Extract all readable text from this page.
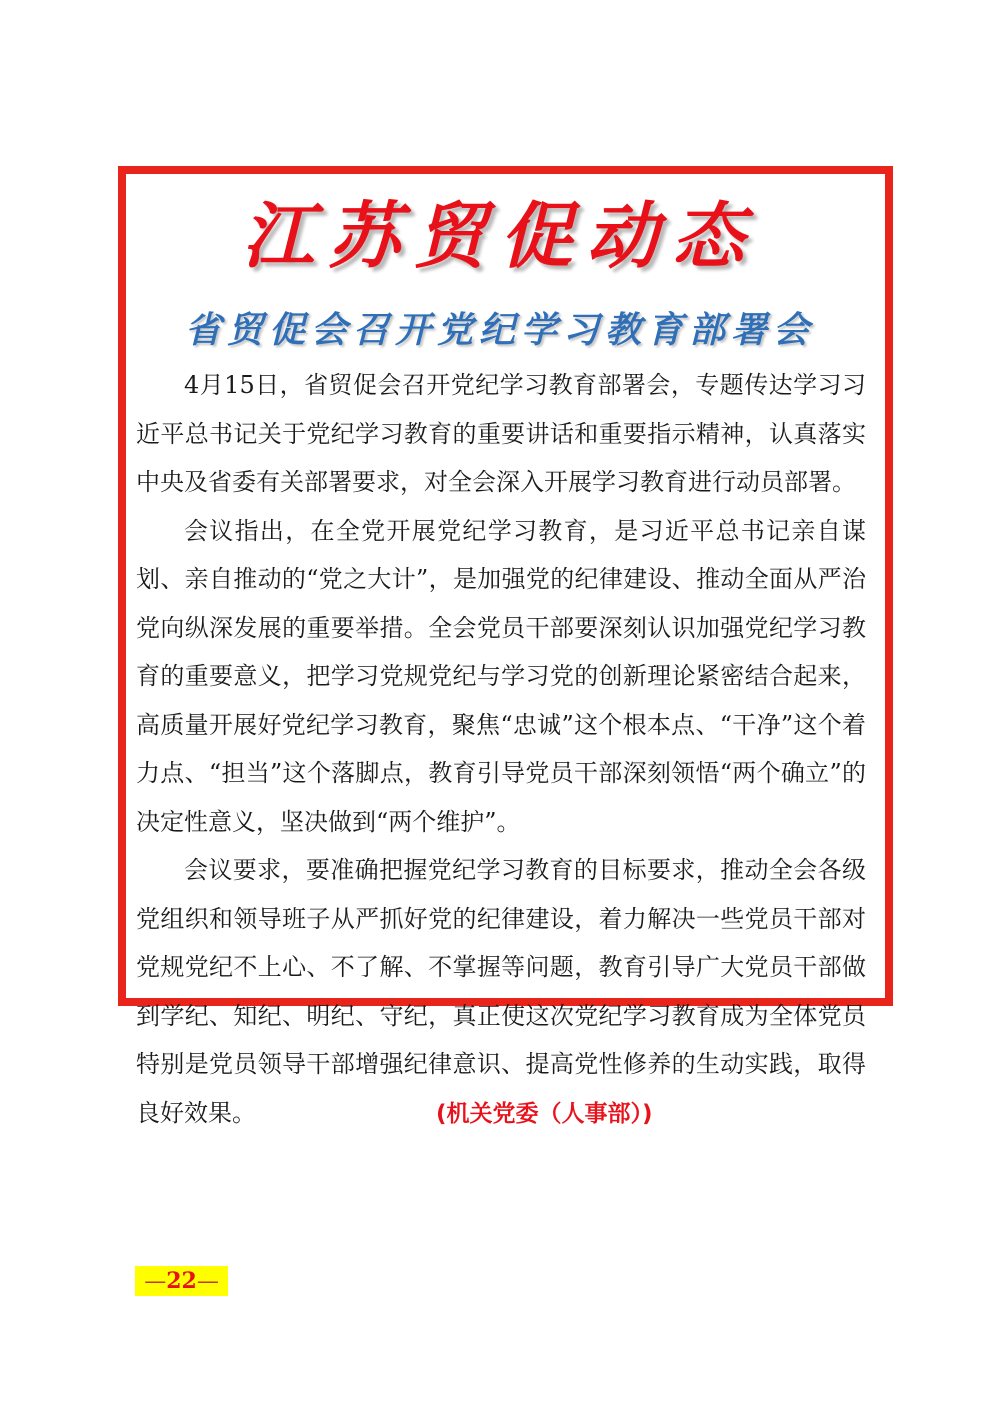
江苏贸促动态
省贸促会召开党纪学习教育部署会

4月15日，省贸促会召开党纪学习教育部署会，专题传达学习习近平总书记关于党纪学习教育的重要讲话和重要指示精神，认真落实中央及省委有关部署要求，对全会深入开展学习教育进行动员部署。

会议指出，在全党开展党纪学习教育，是习近平总书记亲自谋划、亲自推动的“党之大计”，是加强党的纪律建设、推动全面从严治党向纵深发展的重要举措。全会党员干部要深刻认识加强党纪学习教育的重要意义，把学习党规党纪与学习党的创新理论紧密结合起来，高质量开展好党纪学习教育，聚焦“忠诚”这个根本点、“干净”这个着力点、“担当”这个落脚点，教育引导党员干部深刻领悟“两个确立”的决定性意义，坚决做到“两个维护”。

会议要求，要准确把握党纪学习教育的目标要求，推动全会各级党组织和领导班子从严抓好党的纪律建设，着力解决一些党员干部对党规党纪不上心、不了解、不掌握等问题，教育引导广大党员干部做到学纪、知纪、明纪、守纪，真正使这次党纪学习教育成为全体党员特别是党员领导干部增强纪律意识、提高党性修养的生动实践，取得良好效果。	(机关党委（人事部）)

—22—
